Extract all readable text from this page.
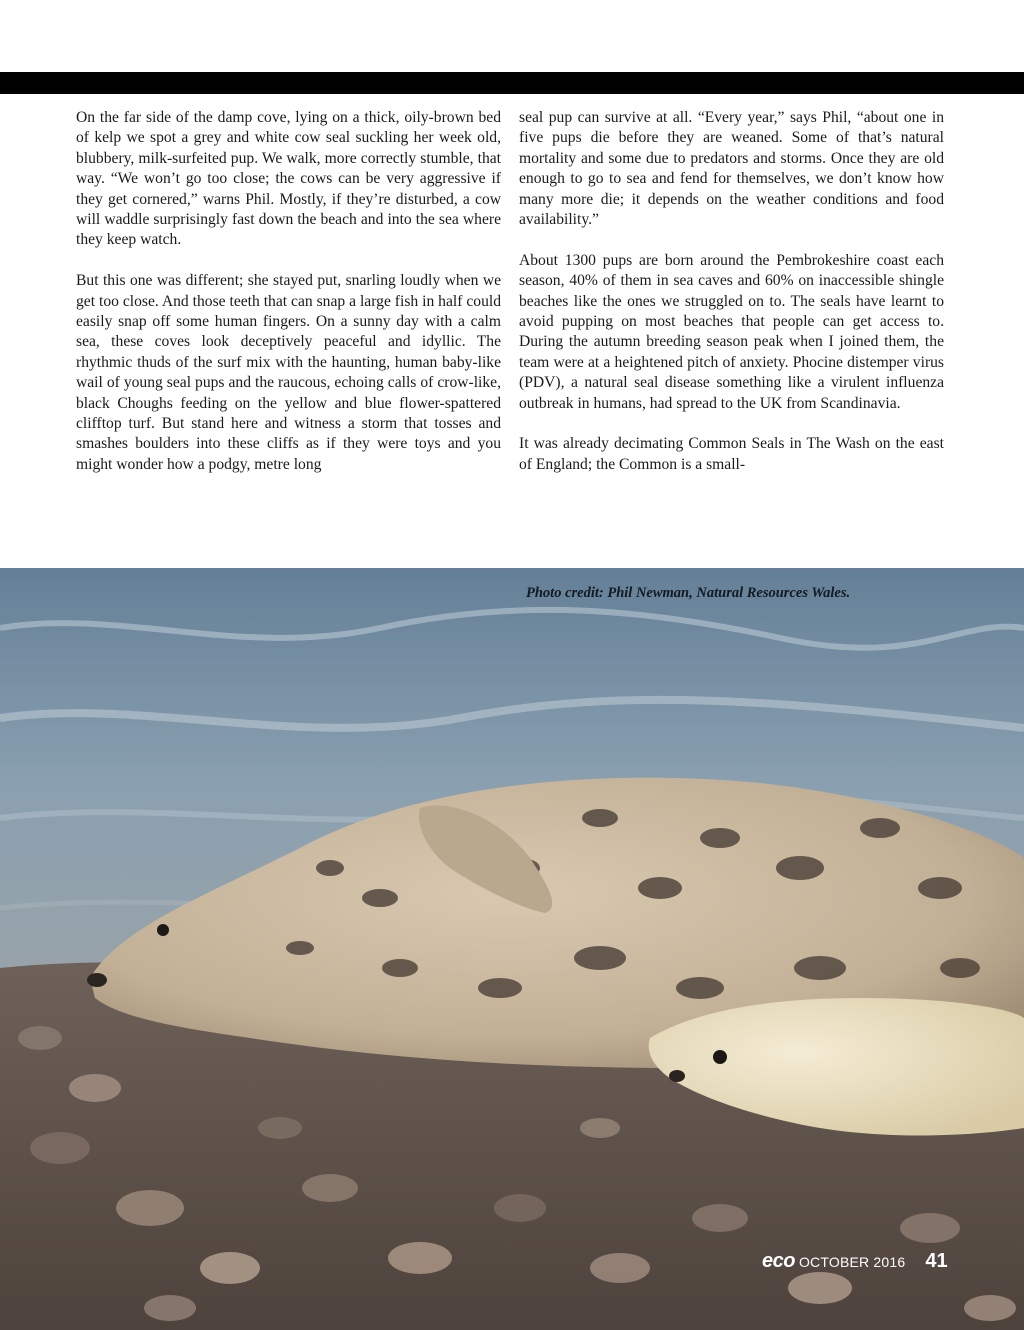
On the far side of the damp cove, lying on a thick, oily-brown bed of kelp we spot a grey and white cow seal suckling her week old, blubbery, milk-surfeited pup. We walk, more correctly stumble, that way. “We won’t go too close; the cows can be very aggressive if they get cornered,” warns Phil. Mostly, if they’re disturbed, a cow will waddle surprisingly fast down the beach and into the sea where they keep watch.

But this one was different; she stayed put, snarling loudly when we get too close. And those teeth that can snap a large fish in half could easily snap off some human fingers. On a sunny day with a calm sea, these coves look deceptively peaceful and idyllic. The rhythmic thuds of the surf mix with the haunting, human baby-like wail of young seal pups and the raucous, echoing calls of crow-like, black Choughs feeding on the yellow and blue flower-spattered clifftop turf. But stand here and witness a storm that tosses and smashes boulders into these cliffs as if they were toys and you might wonder how a podgy, metre long

seal pup can survive at all. “Every year,” says Phil, “about one in five pups die before they are weaned. Some of that’s natural mortality and some due to predators and storms. Once they are old enough to go to sea and fend for themselves, we don’t know how many more die; it depends on the weather conditions and food availability.”

About 1300 pups are born around the Pembrokeshire coast each season, 40% of them in sea caves and 60% on inaccessible shingle beaches like the ones we struggled on to. The seals have learnt to avoid pupping on most beaches that people can get access to. During the autumn breeding season peak when I joined them, the team were at a heightened pitch of anxiety. Phocine distemper virus (PDV), a natural seal disease something like a virulent influenza outbreak in humans, had spread to the UK from Scandinavia.

It was already decimating Common Seals in The Wash on the east of England; the Common is a small-

Photo credit: Phil Newman, Natural Resources Wales.
eco OCTOBER 2016 41
